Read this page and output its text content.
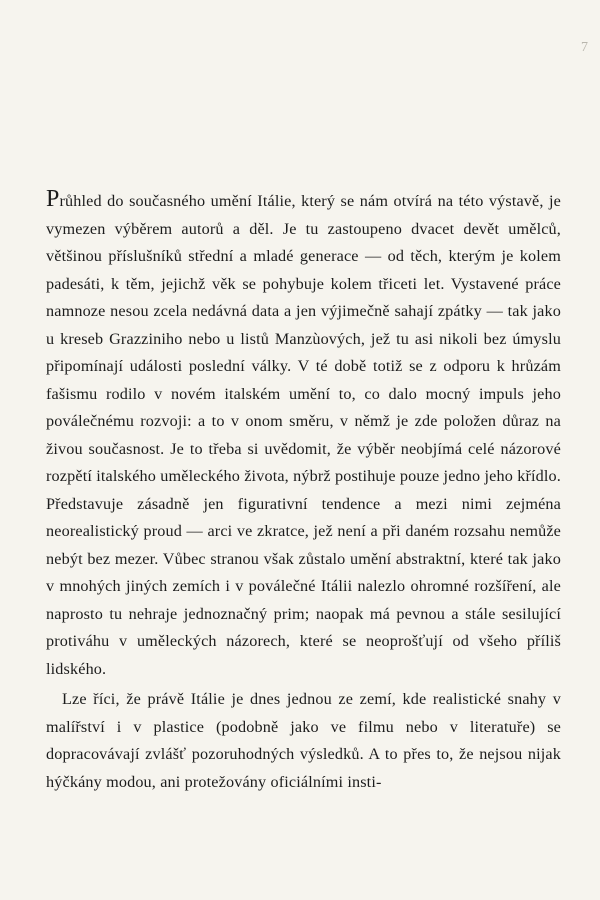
7

Průhled do současného umění Itálie, který se nám otvírá na této výstavě, je vymezen výběrem autorů a děl. Je tu zastoupeno dvacet devět umělců, většinou příslušníků střední a mladé generace — od těch, kterým je kolem padesáti, k těm, jejichž věk se pohybuje kolem třiceti let. Vystavené práce namnoze nesou zcela nedávná data a jen výjimečně sahají zpátky — tak jako u kreseb Grazziniho nebo u listů Manzùových, jež tu asi nikoli bez úmyslu připomínají události poslední války. V té době totiž se z odporu k hrůzám fašismu rodilo v novém italském umění to, co dalo mocný impuls jeho poválečnému rozvoji: a to v onom směru, v němž je zde položen důraz na živou současnost. Je to třeba si uvědomit, že výběr neobjímá celé názorové rozpětí italského uměleckého života, nýbrž postihuje pouze jedno jeho křídlo. Představuje zásadně jen figurativní tendence a mezi nimi zejména neorealistický proud — arci ve zkratce, jež není a při daném rozsahu nemůže nebýt bez mezer. Vůbec stranou však zůstalo umění abstraktní, které tak jako v mnohých jiných zemích i v poválečné Itálii nalezlo ohromné rozšíření, ale naprosto tu nehraje jednoznačný prim; naopak má pevnou a stále sesilující protiváhu v uměleckých názorech, které se neoprošťují od všeho příliš lidského.

Lze říci, že právě Itálie je dnes jednou ze zemí, kde realistické snahy v malířství i v plastice (podobně jako ve filmu nebo v literatuře) se dopracovávají zvlášť pozoruhodných výsledků. A to přes to, že nejsou nijak hýčkány modou, ani protežovány oficiálními insti-
